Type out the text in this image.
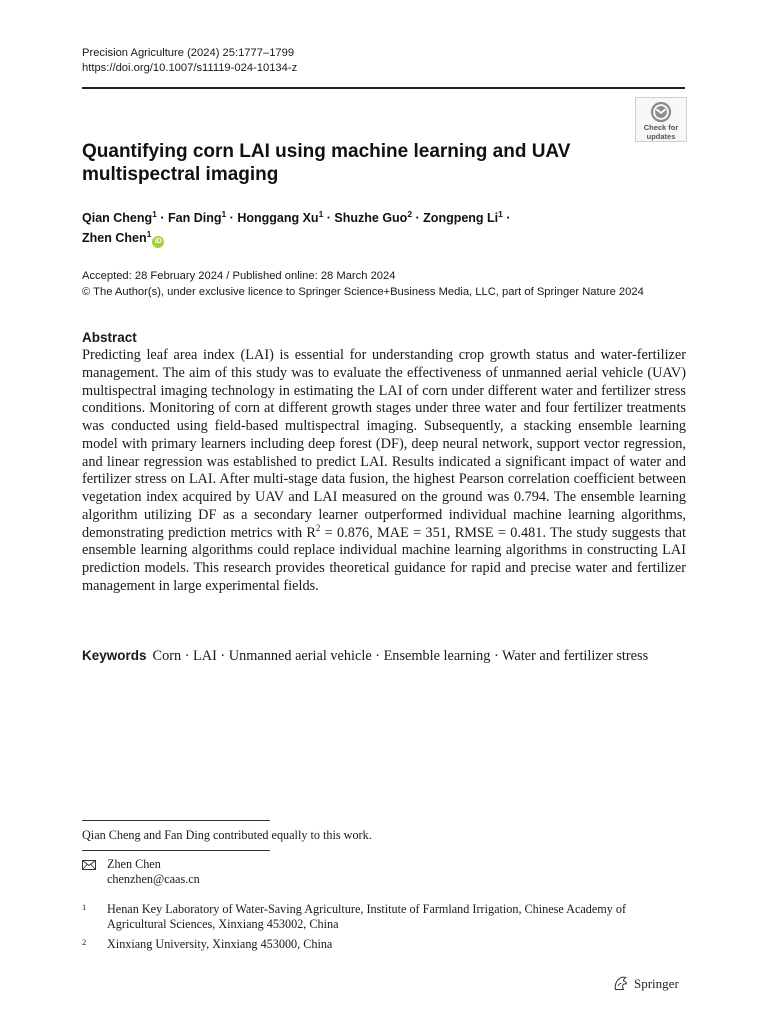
Precision Agriculture (2024) 25:1777–1799
https://doi.org/10.1007/s11119-024-10134-z
Check for
updates
Quantifying corn LAI using machine learning and UAV multispectral imaging
Qian Cheng$^1$ · Fan Ding$^1$ · Honggang $Xu^1$ · Shuzhe Guo$^2$ · Zongpeng $Li^1$ ·
Zhen Chen$^1$iD
Accepted: 28 February 2024 / Published online: 28 March 2024
© The Author(s), under exclusive licence to Springer Science+Business Media, LLC, part of Springer Nature 2024
Abstract

Predicting leaf area index (LAI) is essential for understanding crop growth status and water-fertilizer management. The aim of this study was to evaluate the effectiveness of unmanned aerial vehicle (UAV) multispectral imaging technology in estimating the LAI of corn under different water and fertilizer stress conditions. Monitoring of corn at different growth stages under three water and four fertilizer treatments was conducted using field-based multispectral imaging. Subsequently, a stacking ensemble learning model with primary learners including deep forest (DF), deep neural network, support vector regression, and linear regression was established to predict LAI. Results indicated a significant impact of water and fertilizer stress on LAI. After multi-stage data fusion, the highest Pearson correlation coefficient between vegetation index acquired by UAV and LAI measured on the ground was 0.794. The ensemble learning algorithm utilizing DF as a secondary learner outperformed individual machine learning algorithms, demonstrating prediction metrics with $R^2 = 0.876$, MAE = 351, RMSE = 0.481. The study suggests that ensemble learning algorithms could replace individual machine learning algorithms in constructing LAI prediction models. This research provides theoretical guidance for rapid and precise water and fertilizer management in large experimental fields.

Keywords Corn · LAI · Unmanned aerial vehicle · Ensemble learning · Water and fertilizer stress
Qian Cheng and Fan Ding contributed equally to this work.
Zhen Chen
chenzhen@caas.cn
1 Henan Key Laboratory of Water-Saving Agriculture, Institute of Farmland Irrigation, Chinese Academy of Agricultural Sciences, Xinxiang 453002, China
2 Xinxiang University, Xinxiang 453000, China
Springer
